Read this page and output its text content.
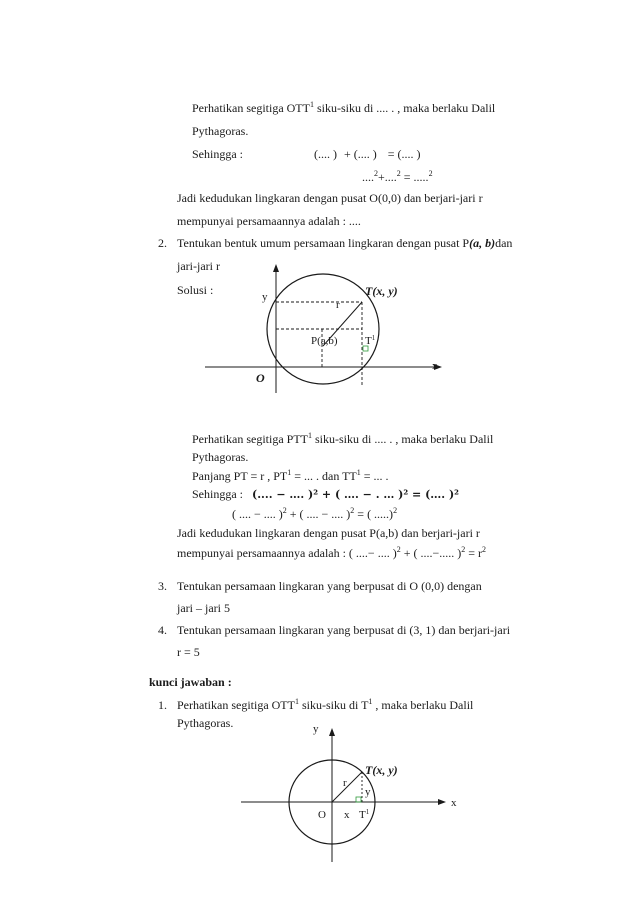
Perhatikan segitiga OTT$^1$ siku-siku di .... . , maka berlaku Dalil
Pythagoras.
Sehingga :	(.... ) + (.... ) = (.... )
....$^2$+....$^2$ = .....$^2$
Jadi kedudukan lingkaran dengan pusat O(0,0) dan berjari-jari r
mempunyai persamaannya adalah : ....
2. Tentukan bentuk umum persamaan lingkaran dengan pusat P(a, b)dan
jari-jari r
Solusi :	y
r
T(x, y)
P(a,b) $T^1$
x
O
Perhatikan segitiga PTT$^1$ siku-siku di .... . , maka berlaku Dalil
Pythagoras.
Panjang PT = r , $PT^1$ = ... . dan $TT^1$ = ... .
Sehingga : (.... − …. )² + ( …. − . … )² = (…. )²
( .... − .... )$^2$ + ( .... − .... )$^2$ = ( .....)$^2$
Jadi kedudukan lingkaran dengan pusat P(a,b) dan berjari-jari r
mempunyai persamaannya adalah : ( ....− .... )$^2$ + ( ....−..... )$^2 = r^2$
3. Tentukan persamaan lingkaran yang berpusat di O (0,0) dengan
jari – jari 5
4. Tentukan persamaan lingkaran yang berpusat di (3, 1) dan berjari-jari
r = 5
kunci jawaban :
1. Perhatikan segitiga OTT$^1$ siku-siku di $T^1$ , maka berlaku Dalil
Pythagoras.	y
T(x, y)
r
y
x
O x $T^1$
